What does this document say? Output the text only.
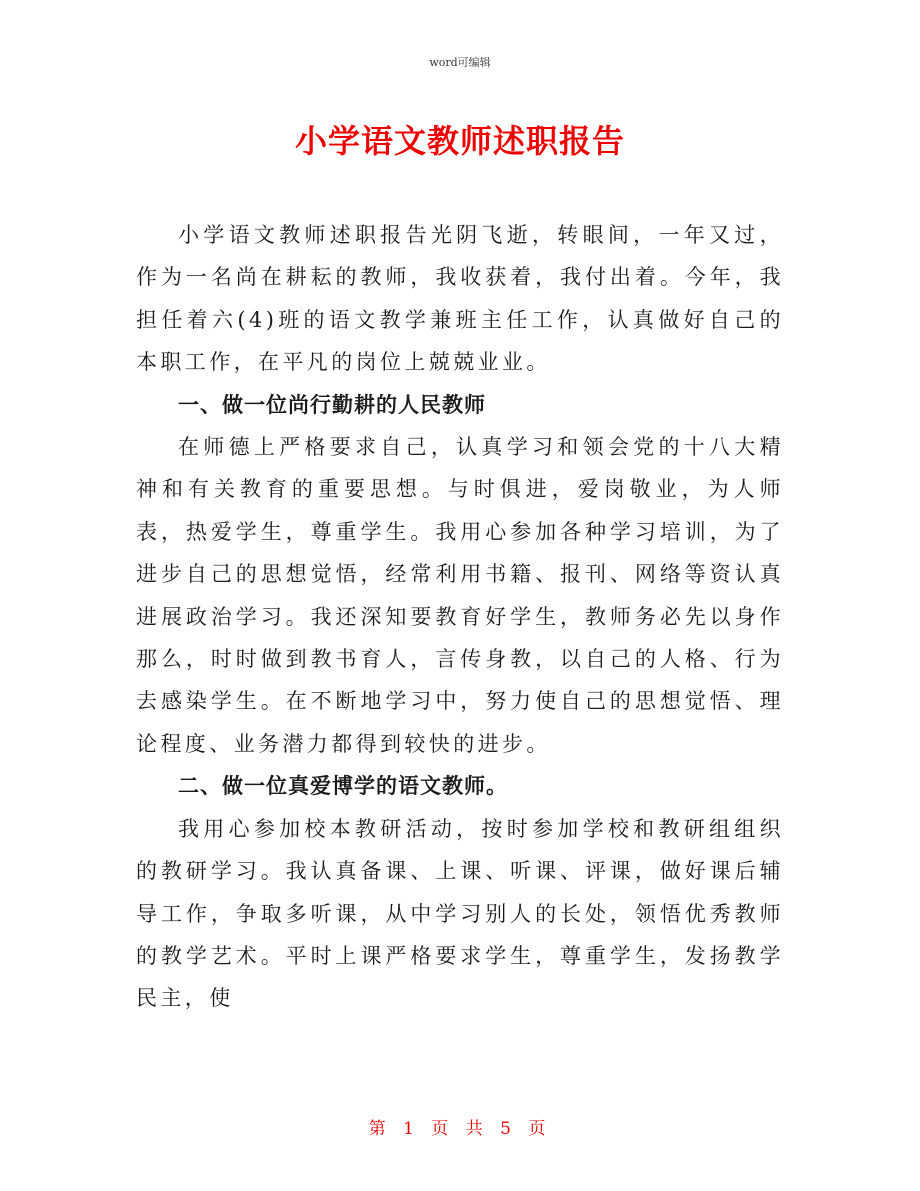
word可编辑
小学语文教师述职报告

小学语文教师述职报告光阴飞逝，转眼间，一年又过，作为一名尚在耕耘的教师，我收获着，我付出着。今年，我担任着六(4)班的语文教学兼班主任工作，认真做好自己的本职工作，在平凡的岗位上兢兢业业。

一、做一位尚行勤耕的人民教师

在师德上严格要求自己，认真学习和领会党的十八大精神和有关教育的重要思想。与时俱进，爱岗敬业，为人师表，热爱学生，尊重学生。我用心参加各种学习培训，为了进步自己的思想觉悟，经常利用书籍、报刊、网络等资认真进展政治学习。我还深知要教育好学生，教师务必先以身作那么，时时做到教书育人，言传身教，以自己的人格、行为去感染学生。在不断地学习中，努力使自己的思想觉悟、理论程度、业务潜力都得到较快的进步。

二、做一位真爱博学的语文教师。

我用心参加校本教研活动，按时参加学校和教研组组织的教研学习。我认真备课、上课、听课、评课，做好课后辅导工作，争取多听课，从中学习别人的长处，领悟优秀教师的教学艺术。平时上课严格要求学生，尊重学生，发扬教学民主，使

第 1 页 共 5 页
